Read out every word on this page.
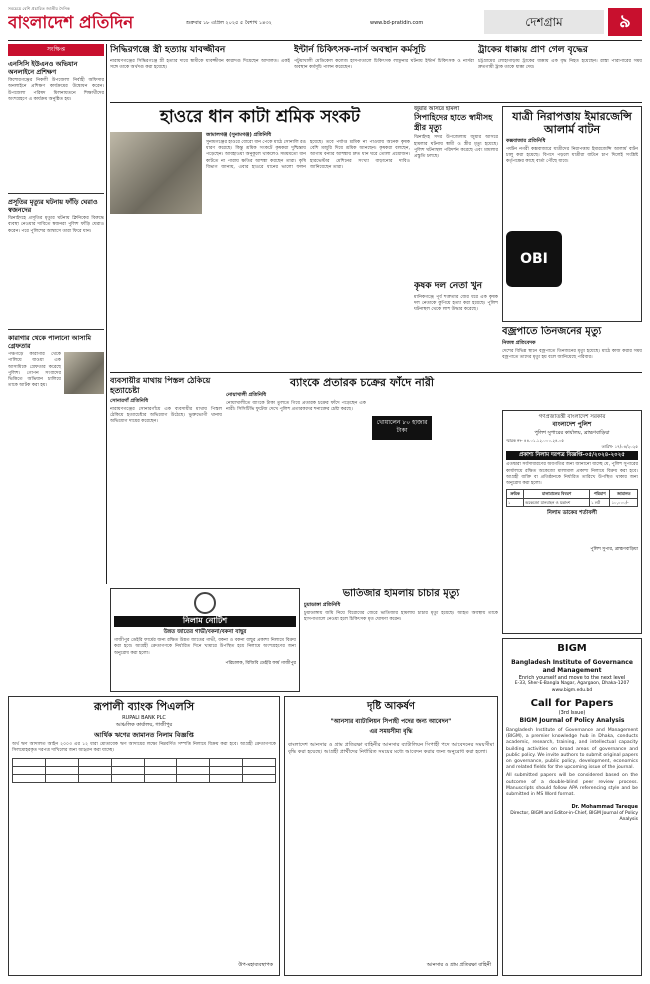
বাংলাদেশ প্রতিদিন
সবচেয়ে বেশি প্রচারিত জাতীয় দৈনিক
শুক্রবার ১৮ এপ্রিল ২০২৫ ৫ বৈশাখ ১৪৩২	www.bd-pratidin.com	দেশগ্রাম	৯
সংক্ষিপ্ত
এনসিসি ইউএনও অভিযান অনলাইনে প্রশিক্ষণ
কিশোরগঞ্জের নিকলী উপজেলা নির্বাহী অফিসার অনলাইনে প্রশিক্ষণ কার্যক্রমের উদ্বোধন করেন। উপজেলা পরিষদ মিলনায়তনে শিক্ষার্থীদের অংশগ্রহণে এ কার্যক্রম অনুষ্ঠিত হয়।
প্রসূতির মৃত্যুর ঘটনায় ফাঁড়ি ঘেরাও স্বজনদের
ঝিনাইদহে প্রসূতির মৃত্যুর ঘটনায় ক্লিনিকের বিরুদ্ধে ব্যবস্থা নেওয়ার দাবিতে স্বজনরা পুলিশ ফাঁড়ি ঘেরাও করেন। পরে পুলিশের আশ্বাসে তারা ফিরে যান।
কারাগার থেকে পালানো আসামি গ্রেফতার
পঞ্চগড়ে কারাগার থেকে পালিয়ে যাওয়া এক আসামিকে গ্রেফতার করেছে পুলিশ। গোপন সংবাদের ভিত্তিতে অভিযান চালিয়ে তাকে আটক করা হয়।
সিদ্ধিরগঞ্জে স্ত্রী হত্যায় যাবজ্জীবন
নারায়ণগঞ্জের সিদ্ধিরগঞ্জে স্ত্রী হত্যার দায়ে স্বামীকে যাবজ্জীবন কারাদণ্ড দিয়েছেন আদালত। একই সঙ্গে তাকে অর্থদণ্ড করা হয়েছে।
ইন্টার্ন চিকিৎসক-নার্স অবস্থান কর্মসূচি
পটুয়াখালী মেডিকেল কলেজ হাসপাতালে চিকিৎসক লাঞ্ছনার ঘটনায় ইন্টার্ন চিকিৎসক ও নার্সরা অবস্থান কর্মসূচি পালন করেছেন।
ট্রাকের ধাক্কায় প্রাণ গেল বৃদ্ধের
চট্টগ্রামের লোহাগাড়ায় ট্রাকের ধাক্কায় এক বৃদ্ধ নিহত হয়েছেন। রাস্তা পারাপারের সময় দ্রুতগামী ট্রাক তাকে ধাক্কা দেয়।
হাওরে ধান কাটা শ্রমিক সংকট
জামালগঞ্জ (সুনামগঞ্জ) প্রতিনিধি
সুনামগঞ্জের হাওরে বোরো ধান পেকে মাঠে সোনালি রঙ ধারণ করেছে। কিন্তু শ্রমিক সংকটে কৃষকরা দুশ্চিন্তায় পড়েছেন। আবহাওয়া অনুকূলে থাকলেও সময়মতো ধান কাটতে না পারায় ক্ষতির আশঙ্কা করছেন তারা। কৃষি বিভাগ জানায়, এবার হাওরে ধানের ভালো ফলন হয়েছে। তবে পর্যাপ্ত শ্রমিক না পাওয়ায় অনেক কৃষক বেশি মজুরি দিয়ে শ্রমিক আনছেন। কৃষকরা বলছেন, আগাম বন্যার আশঙ্কায় দ্রুত ধান ঘরে তোলা প্রয়োজন। হারভেস্টার মেশিনের সংখ্যা বাড়ানোর দাবিও জানিয়েছেন তারা।
জুয়ার আসরে হামলা
সিপাহিদের হাতে স্বামীসহ স্ত্রীর মৃত্যু
ঝিনাইদহ সদর উপজেলায় জুয়ার আসরে হামলার ঘটনায় স্বামী ও স্ত্রীর মৃত্যু হয়েছে। পুলিশ ঘটনাস্থল পরিদর্শন করেছে এবং মামলার প্রস্তুতি চলছে।
কৃষক দল নেতা খুন
মানিকগঞ্জে পূর্ব শত্রুতার জের ধরে এক কৃষক দল নেতাকে কুপিয়ে হত্যা করা হয়েছে। পুলিশ ঘটনাস্থল থেকে লাশ উদ্ধার করেছে।
যাত্রী নিরাপত্তায় ইমারজেন্সি আলার্ম বাটন
কক্সবাজার প্রতিনিধি
পর্যটন নগরী কক্সবাজারে যাত্রীদের নিরাপত্তায় ইমারজেন্সি আলার্ম বাটন চালু করা হয়েছে। বিপদে পড়লে যাত্রীরা বাটনে চাপ দিলেই সংশ্লিষ্ট কর্তৃপক্ষের কাছে বার্তা পৌঁছে যাবে।
OBI
ব্যবসায়ীর মাথায় পিস্তল ঠেকিয়ে হত্যাচেষ্টা
সোনারগাঁ প্রতিনিধি
নারায়ণগঞ্জের সোনারগাঁয়ে এক ব্যবসায়ীর মাথায় পিস্তল ঠেকিয়ে হত্যাচেষ্টার অভিযোগ উঠেছে। ভুক্তভোগী থানায় অভিযোগ দায়ের করেছেন।
ব্যাংকে প্রতারক চক্রের ফাঁদে নারী
নোয়াখালী প্রতিনিধি
নোয়াখালীতে ব্যাংকে টাকা তুলতে গিয়ে প্রতারক চক্রের ফাঁদে পড়েছেন এক নারী। সিসিটিভি ফুটেজ দেখে পুলিশ প্রতারকদের শনাক্তের চেষ্টা করছে।
খোয়ালেন ৮০ হাজার টাকা
বজ্রপাতে তিনজনের মৃত্যু
নিজস্ব প্রতিবেদক
দেশের বিভিন্ন স্থানে বজ্রপাতে তিনজনের মৃত্যু হয়েছে। মাঠে কাজ করার সময় বজ্রপাতে তাদের মৃত্যু হয় বলে জানিয়েছে পরিবার।
গণপ্রজাতন্ত্রী বাংলাদেশ সরকার
বাংলাদেশ পুলিশ
পুলিশ সুপারের কার্যালয়, ব্রাহ্মণবাড়িয়া
স্মারক নং- ৪৪.০১.১২.০০০.২৪.০৫
তারিখ- ১৭/০৪/২০২৫
প্রকাশ্য নিলাম দরপত্র বিজ্ঞপ্তি-০৫/২০২৪-২০২৫
এতদ্বারা সর্বসাধারণের অবগতির জন্য জানানো যাচ্ছে যে, পুলিশ সুপারের কার্যালয়ে রক্ষিত অকেজো মালামাল প্রকাশ্য নিলামে বিক্রয় করা হবে। আগ্রহী ব্যক্তি বা প্রতিষ্ঠানকে নির্ধারিত তারিখে উপস্থিত থাকার জন্য অনুরোধ করা হলো।
ক্রমিক	মালামালের বিবরণ	পরিমাণ	জামানত
১	অকেজো যানবাহন ও যন্ত্রাংশ	১ লট	১০,০০০/-
নিলাম ডাকের শর্তাবলী
পুলিশ সুপার, ব্রাহ্মণবাড়িয়া
নিলাম নোটিশ
উন্নত জাতের গাভী/বকনা/বকনা বাছুর
গাজীপুর ডেইরি ফার্মের জন্য রক্ষিত উন্নত জাতের গাভী, বকনা ও বকনা বাছুর প্রকাশ্য নিলামে বিক্রয় করা হবে। আগ্রহী ক্রেতাগণকে নির্ধারিত দিনে খামারে উপস্থিত হয়ে নিলামে অংশগ্রহণের জন্য অনুরোধ করা হলো।
পরিচালক, বিজিবি ডেইরি ফার্ম গাজীপুর
ভাতিজার হামলায় চাচার মৃত্যু
চুয়াডাঙ্গা প্রতিনিধি
চুয়াডাঙ্গায় জমি নিয়ে বিরোধের জেরে ভাতিজার হামলায় চাচার মৃত্যু হয়েছে। আহত অবস্থায় তাকে হাসপাতালে নেওয়া হলে চিকিৎসক মৃত ঘোষণা করেন।
রূপালী ব্যাংক পিএলসি
RUPALI BANK PLC
আঞ্চলিক কার্যালয়, গাজীপুর
আর্থিক ঋণের জামানত নিলাম বিজ্ঞপ্তি
অর্থ ঋণ আদালত আইন ২০০৩ এর ১২ ধারা মোতাবেক ঋণ আদায়ের লক্ষ্যে নিম্নবর্ণিত সম্পত্তি নিলামে বিক্রয় করা হবে। আগ্রহী ক্রেতাগণকে সিলমোহরকৃত দরপত্র দাখিলের জন্য আহ্বান করা যাচ্ছে।

উপ-মহাব্যবস্থাপক
দৃষ্টি আকর্ষণ
"আনসার ব্যাটালিয়ন সিপাহী পদের জন্য আবেদন"
এর সময়সীমা বৃদ্ধি
বাংলাদেশ আনসার ও গ্রাম প্রতিরক্ষা বাহিনীর আনসার ব্যাটালিয়ন সিপাহী পদে আবেদনের সময়সীমা বৃদ্ধি করা হয়েছে। আগ্রহী প্রার্থীদের নির্ধারিত সময়ের মধ্যে আবেদন করার জন্য অনুরোধ করা হলো।
আনসার ও গ্রাম প্রতিরক্ষা বাহিনী
BIGM
Bangladesh Institute of Governance and Management
Enrich yourself and move to the next level
E-33, Sher-E-Bangla Nagar, Agargaon, Dhaka-1207
www.bigm.edu.bd
Call for Papers
(3rd Issue)
BIGM Journal of Policy Analysis
Bangladesh Institute of Governance and Management (BIGM), a premier knowledge hub in Dhaka, conducts academic, research, training, and intellectual capacity building activities on broad areas of governance and public policy. We invite authors to submit original papers on governance, public policy, development, economics and related fields for the upcoming issue of the journal.
All submitted papers will be considered based on the outcome of a double-blind peer review process. Manuscripts should follow APA referencing style and be submitted in MS Word format.
Dr. Mohammad Tareque
Director, BIGM and Editor-in-Chief, BIGM Journal of Policy Analysis
